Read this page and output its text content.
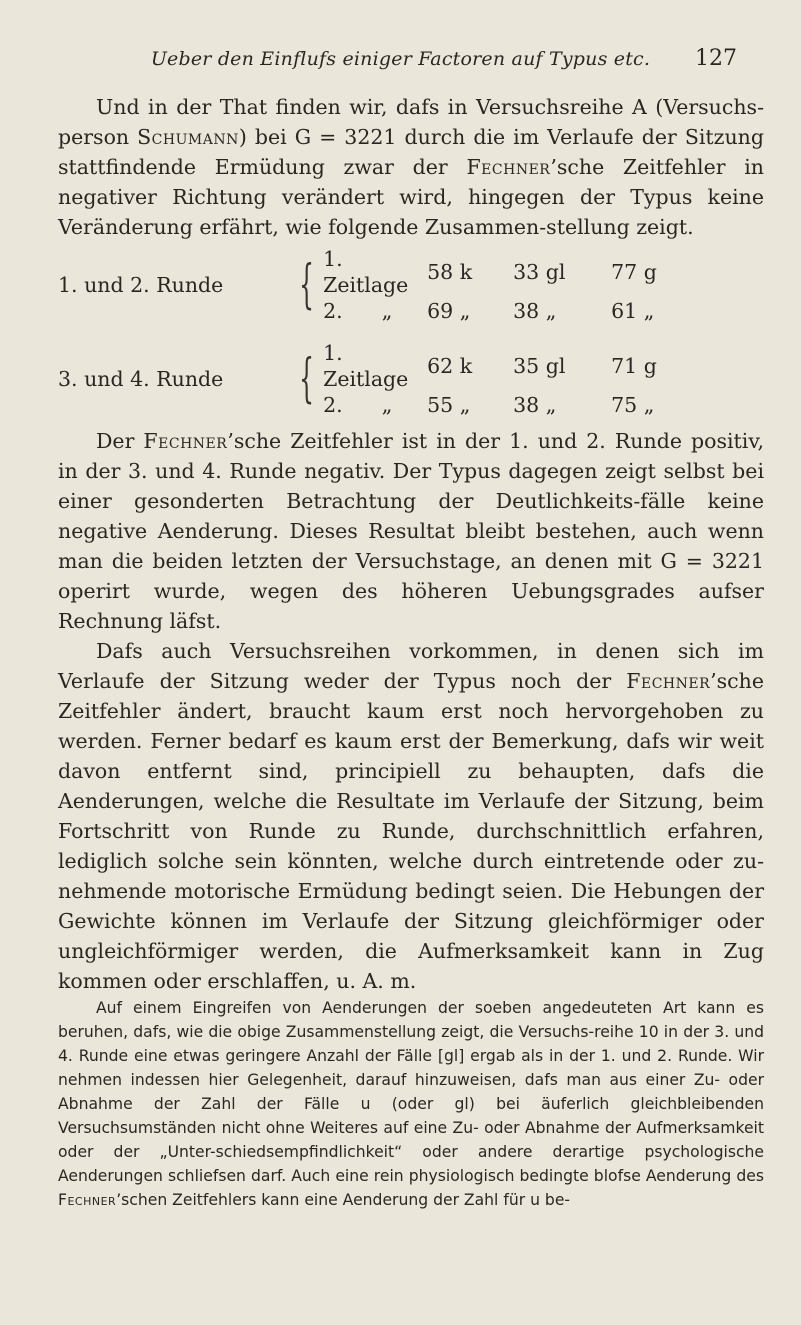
Ueber den Einflufs einiger Factoren auf Typus etc.	127

Und in der That finden wir, dafs in Versuchsreihe A (Versuchs-person Schumann) bei G = 3221 durch die im Verlaufe der Sitzung stattfindende Ermüdung zwar der Fechner’sche Zeitfehler in negativer Richtung verändert wird, hingegen der Typus keine Veränderung erfährt, wie folgende Zusammen-stellung zeigt.

1. und 2. Runde	{	1. Zeitlage	58 k	33 gl	77 g
		2.      „	69 „	38 „	61 „

3. und 4. Runde	{	1. Zeitlage	62 k	35 gl	71 g
		2.      „	55 „	38 „	75 „

Der Fechner’sche Zeitfehler ist in der 1. und 2. Runde positiv, in der 3. und 4. Runde negativ. Der Typus dagegen zeigt selbst bei einer gesonderten Betrachtung der Deutlichkeits-fälle keine negative Aenderung. Dieses Resultat bleibt bestehen, auch wenn man die beiden letzten der Versuchstage, an denen mit G = 3221 operirt wurde, wegen des höheren Uebungsgrades aufser Rechnung läfst.

Dafs auch Versuchsreihen vorkommen, in denen sich im Verlaufe der Sitzung weder der Typus noch der Fechner’sche Zeitfehler ändert, braucht kaum erst noch hervorgehoben zu werden. Ferner bedarf es kaum erst der Bemerkung, dafs wir weit davon entfernt sind, principiell zu behaupten, dafs die Aenderungen, welche die Resultate im Verlaufe der Sitzung, beim Fortschritt von Runde zu Runde, durchschnittlich erfahren, lediglich solche sein könnten, welche durch eintretende oder zu-nehmende motorische Ermüdung bedingt seien. Die Hebungen der Gewichte können im Verlaufe der Sitzung gleichförmiger oder ungleichförmiger werden, die Aufmerksamkeit kann in Zug kommen oder erschlaffen, u. A. m.

Auf einem Eingreifen von Aenderungen der soeben angedeuteten Art kann es beruhen, dafs, wie die obige Zusammenstellung zeigt, die Versuchs-reihe 10 in der 3. und 4. Runde eine etwas geringere Anzahl der Fälle [gl] ergab als in der 1. und 2. Runde. Wir nehmen indessen hier Gelegenheit, darauf hinzuweisen, dafs man aus einer Zu- oder Abnahme der Zahl der Fälle u (oder gl) bei äuferlich gleichbleibenden Versuchsumständen nicht ohne Weiteres auf eine Zu- oder Abnahme der Aufmerksamkeit oder der „Unter-schiedsempfindlichkeit“ oder andere derartige psychologische Aenderungen schliefsen darf. Auch eine rein physiologisch bedingte blofse Aenderung des Fechner’schen Zeitfehlers kann eine Aenderung der Zahl für u be-
